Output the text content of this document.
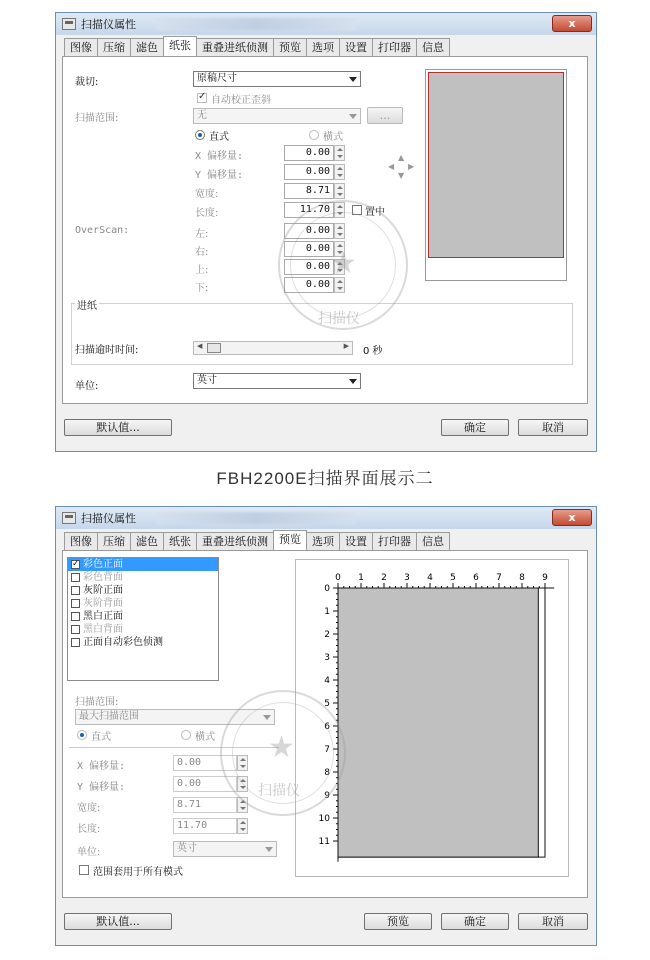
扫描仪属性	x
图像	压缩	滤色	纸张	重叠进纸侦测	预览	选项	设置	打印器	信息
裁切:	原稿尺寸
✓
自动校正歪斜
扫描范围:	无	...
直式	横式
X 偏移量:	0.00
Y 偏移量:	0.00
宽度:	8.71
长度:	11.70	置中
▲
◀ ▶
▼
OverScan:	左:	0.00
右:	0.00
上:	0.00
下:	0.00
进纸
扫描逾时时间:	◀	▶ 0 秒
单位:
英寸
默认值...	确定	取消
★
扫描仪
FBH2200E扫描界面展示二
扫描仪属性	x
图像	压缩	滤色	纸张	重叠进纸侦测	预览	选项	设置	打印器	信息
✓ 彩色正面
彩色背面
灰阶正面
灰阶背面
黑白正面
黑白背面
正面自动彩色侦测
扫描范围:
最大扫描范围
直式	横式
X 偏移量:	0.00
Y 偏移量:	0.00
宽度:	8.71
长度:	11.70
单位:	英寸
范围套用于所有模式
0 1 2 3 4 5 6 7 8 9
0
1
2
3
4
5
6
7
8
9
10
11
默认值...	预览	确定	取消
★
扫描仪
